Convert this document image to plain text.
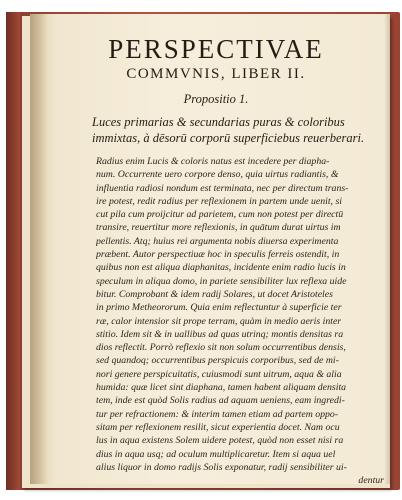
PERSPECTIVAE
COMMVNIS, LIBER II.
Propositio 1.
Luces primarias & secundarias puras & coloribus
immixtas, à dēsorū corporū superficiebus reuerberari.
Radius enim Lucis & coloris natus est incedere per diapha-
num. Occurrente uero corpore denso, quia uirtus radiantis, &
influentia radiosi nondum est terminata, nec per directum trans-
ire potest, redit radius per reflexionem in partem unde uenit, si
cut pila cum proijcitur ad parietem, cum non potest per directū
transire, reuertitur more reflexionis, in quātum durat uirtus im
pellentis. Atq; huius rei argumenta nobis diuersa experimenta
præbent. Autor perspectiuæ hoc in speculis ferreis ostendit, in
quibus non est aliqua diaphanitas, incidente enim radio lucis in
speculum in aliqua domo, in pariete sensibiliter lux reflexa uide
bitur. Comprobant & idem radij Solares, ut docet Aristoteles
in primo Metheororum. Quia enim reflectuntur à superficie ter
ræ, calor intensior sit prope terram, quàm in medio aeris inter
stitio. Idem sit & in uallibus ad quas utrinq; montis densitas ra
dios reflectit. Porrò reflexio sit non solum occurrentibus densis,
sed quandoq; occurrentibus perspicuis corporibus, sed de mi-
nori genere perspicuitatis, cuiusmodi sunt uitrum, aqua & alia
humida: quæ licet sint diaphana, tamen habent aliquam densita
tem, inde est quòd Solis radius ad aquam ueniens, eam ingredi-
tur per refractionem: & interim tamen etiam ad partem oppo-
sitam per reflexionem resilit, sicut experientia docet. Nam ocu
lus in aqua existens Solem uidere potest, quòd non esset nisi ra
dius in aqua usq; ad oculum multiplicaretur. Item si aqua uel
alius liquor in domo radijs Solis exponatur, radij sensibiliter ui-
dentur
